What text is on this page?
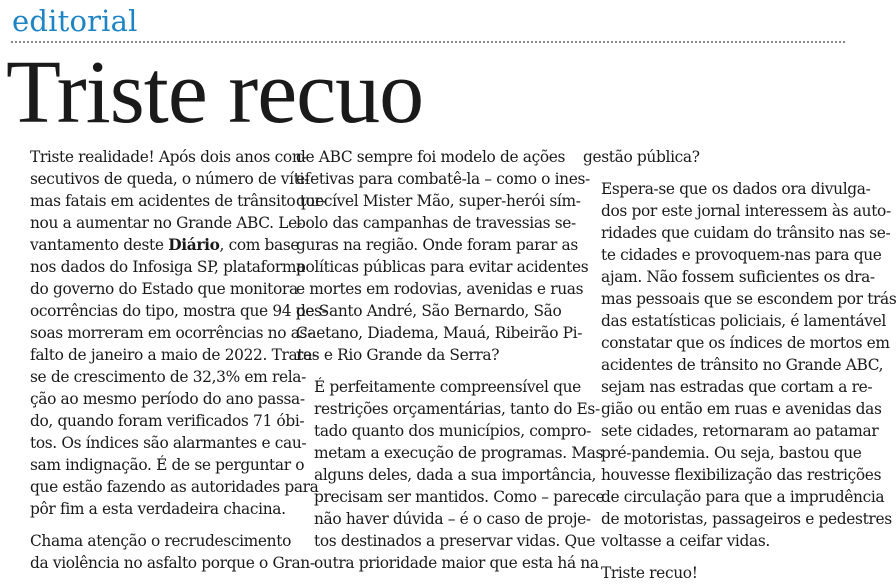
editorial
Triste recuo

Triste realidade! Após dois anos con-
secutivos de queda, o número de víti-
mas fatais em acidentes de trânsito tor-
nou a aumentar no Grande ABC. Le-
vantamento deste Diário, com base
nos dados do Infosiga SP, plataforma
do governo do Estado que monitora
ocorrências do tipo, mostra que 94 pes-
soas morreram em ocorrências no as-
falto de janeiro a maio de 2022. Trata-
se de crescimento de 32,3% em rela-
ção ao mesmo período do ano passa-
do, quando foram verificados 71 óbi-
tos. Os índices são alarmantes e cau-
sam indignação. É de se perguntar o
que estão fazendo as autoridades para
pôr fim a esta verdadeira chacina.

Chama atenção o recrudescimento
da violência no asfalto porque o Gran-

de ABC sempre foi modelo de ações
efetivas para combatê-la – como o ines-
quecível Mister Mão, super-herói sím-
bolo das campanhas de travessias se-
guras na região. Onde foram parar as
políticas públicas para evitar acidentes
e mortes em rodovias, avenidas e ruas
de Santo André, São Bernardo, São
Caetano, Diadema, Mauá, Ribeirão Pi-
res e Rio Grande da Serra?

É perfeitamente compreensível que
restrições orçamentárias, tanto do Es-
tado quanto dos municípios, compro-
metam a execução de programas. Mas
alguns deles, dada a sua importância,
precisam ser mantidos. Como – parece
não haver dúvida – é o caso de proje-
tos destinados a preservar vidas. Que
outra prioridade maior que esta há na

gestão pública?

Espera-se que os dados ora divulga-
dos por este jornal interessem às auto-
ridades que cuidam do trânsito nas se-
te cidades e provoquem-nas para que
ajam. Não fossem suficientes os dra-
mas pessoais que se escondem por trás
das estatísticas policiais, é lamentável
constatar que os índices de mortos em
acidentes de trânsito no Grande ABC,
sejam nas estradas que cortam a re-
gião ou então em ruas e avenidas das
sete cidades, retornaram ao patamar
pré-pandemia. Ou seja, bastou que
houvesse flexibilização das restrições
de circulação para que a imprudência
de motoristas, passageiros e pedestres
voltasse a ceifar vidas.

Triste recuo!
